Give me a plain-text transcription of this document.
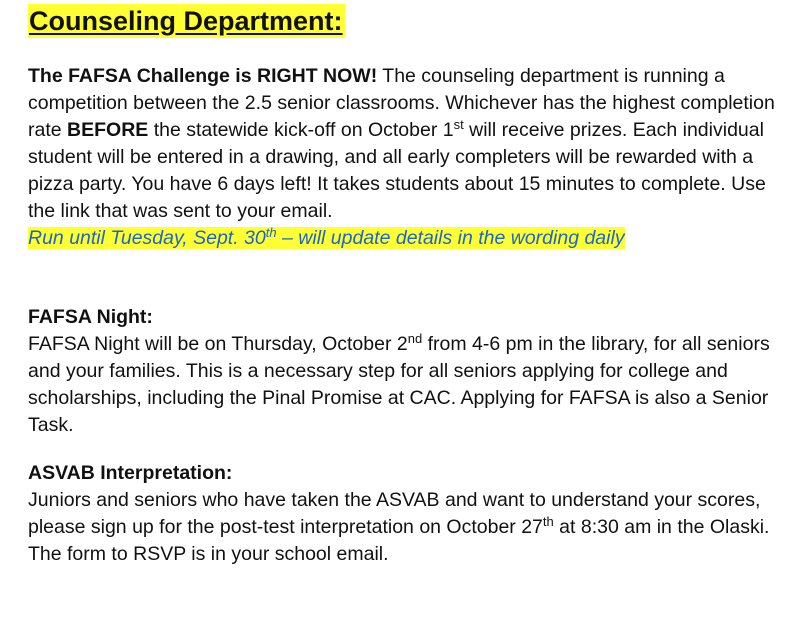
Counseling Department:
The FAFSA Challenge is RIGHT NOW! The counseling department is running a competition between the 2.5 senior classrooms. Whichever has the highest completion rate BEFORE the statewide kick-off on October 1st will receive prizes. Each individual student will be entered in a drawing, and all early completers will be rewarded with a pizza party. You have 6 days left! It takes students about 15 minutes to complete. Use the link that was sent to your email.
Run until Tuesday, Sept. 30th – will update details in the wording daily
FAFSA Night:
FAFSA Night will be on Thursday, October 2nd from 4-6 pm in the library, for all seniors and your families. This is a necessary step for all seniors applying for college and scholarships, including the Pinal Promise at CAC. Applying for FAFSA is also a Senior Task.
ASVAB Interpretation:
Juniors and seniors who have taken the ASVAB and want to understand your scores, please sign up for the post-test interpretation on October 27th at 8:30 am in the Olaski. The form to RSVP is in your school email.
